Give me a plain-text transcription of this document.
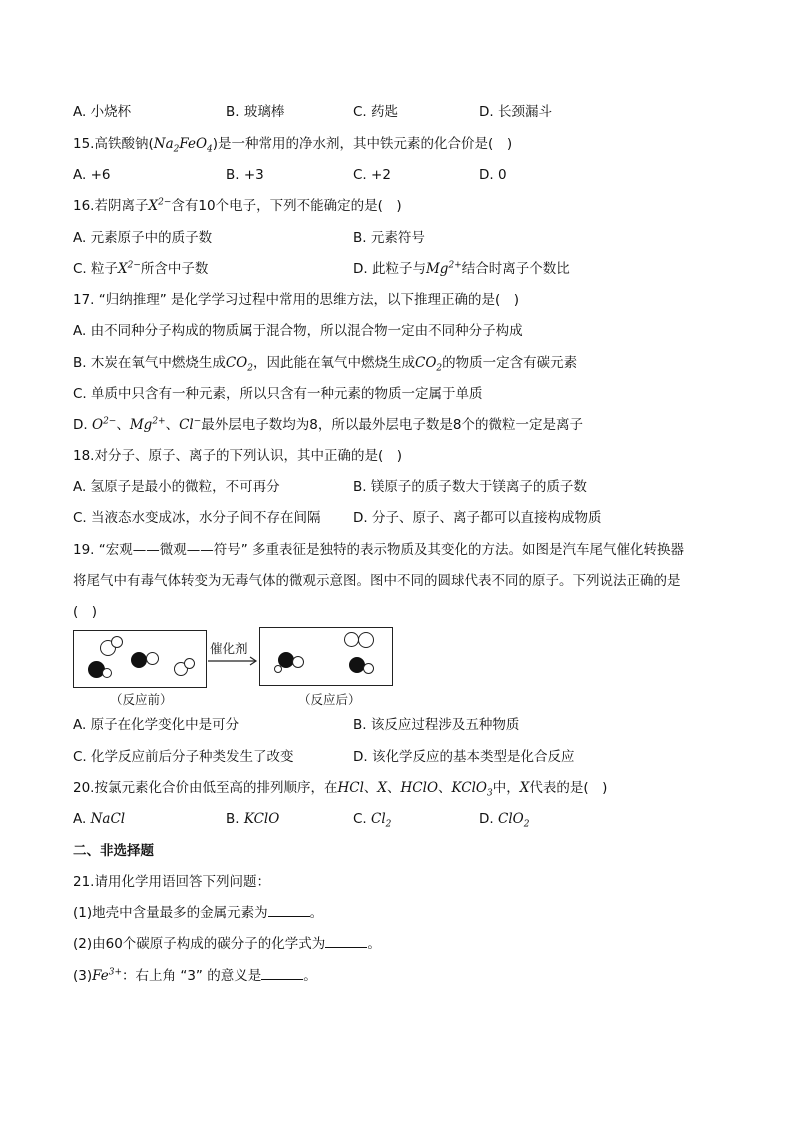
A. 小烧杯	B. 玻璃棒	C. 药匙	D. 长颈漏斗
15.高铁酸钠$(Na_2FeO_4)$是一种常用的净水剂，其中铁元素的化合价是(　)
A. +6	B. +3	C. +2	D. 0
16.若阴离子$X^{2-}$含有10个电子，下列不能确定的是(　)
A. 元素原子中的质子数	B. 元素符号
C. 粒子$X^{2-}$所含中子数	D. 此粒子与$Mg^{2+}$结合时离子个数比
17. “归纳推理” 是化学学习过程中常用的思维方法，以下推理正确的是(　)
A. 由不同种分子构成的物质属于混合物，所以混合物一定由不同种分子构成
B. 木炭在氧气中燃烧生成$CO_2$，因此能在氧气中燃烧生成$CO_2$的物质一定含有碳元素
C. 单质中只含有一种元素，所以只含有一种元素的物质一定属于单质
D. $O^{2-}$、$Mg^{2+}$、Cl−最外层电子数均为8，所以最外层电子数是8个的微粒一定是离子
18.对分子、原子、离子的下列认识，其中正确的是(　)
A. 氢原子是最小的微粒，不可再分	B. 镁原子的质子数大于镁离子的质子数
C. 当液态水变成冰，水分子间不存在间隔 D. 分子、原子、离子都可以直接构成物质
19. “宏观——微观——符号” 多重表征是独特的表示物质及其变化的方法。如图是汽车尾气催化转换器
将尾气中有毒气体转变为无毒气体的微观示意图。图中不同的圆球代表不同的原子。下列说法正确的是
(　)
（反应前）
催化剂
（反应后）
A. 原子在化学变化中是可分	B. 该反应过程涉及五种物质
C. 化学反应前后分子种类发生了改变	D. 该化学反应的基本类型是化合反应
20.按氯元素化合价由低至高的排列顺序，在HCl、X、HClO、KClO$_3$中，X代表的是(　)
A. NaCl	B. KClO	C. $Cl_2$	D. ClO$_2$
二、非选择题
21.请用化学用语回答下列问题：
(1)地壳中含量最多的金属元素为	。
(2)由60个碳原子构成的碳分子的化学式为	。
$(3)Fe^{3+}$：右上角 “3” 的意义是	。
